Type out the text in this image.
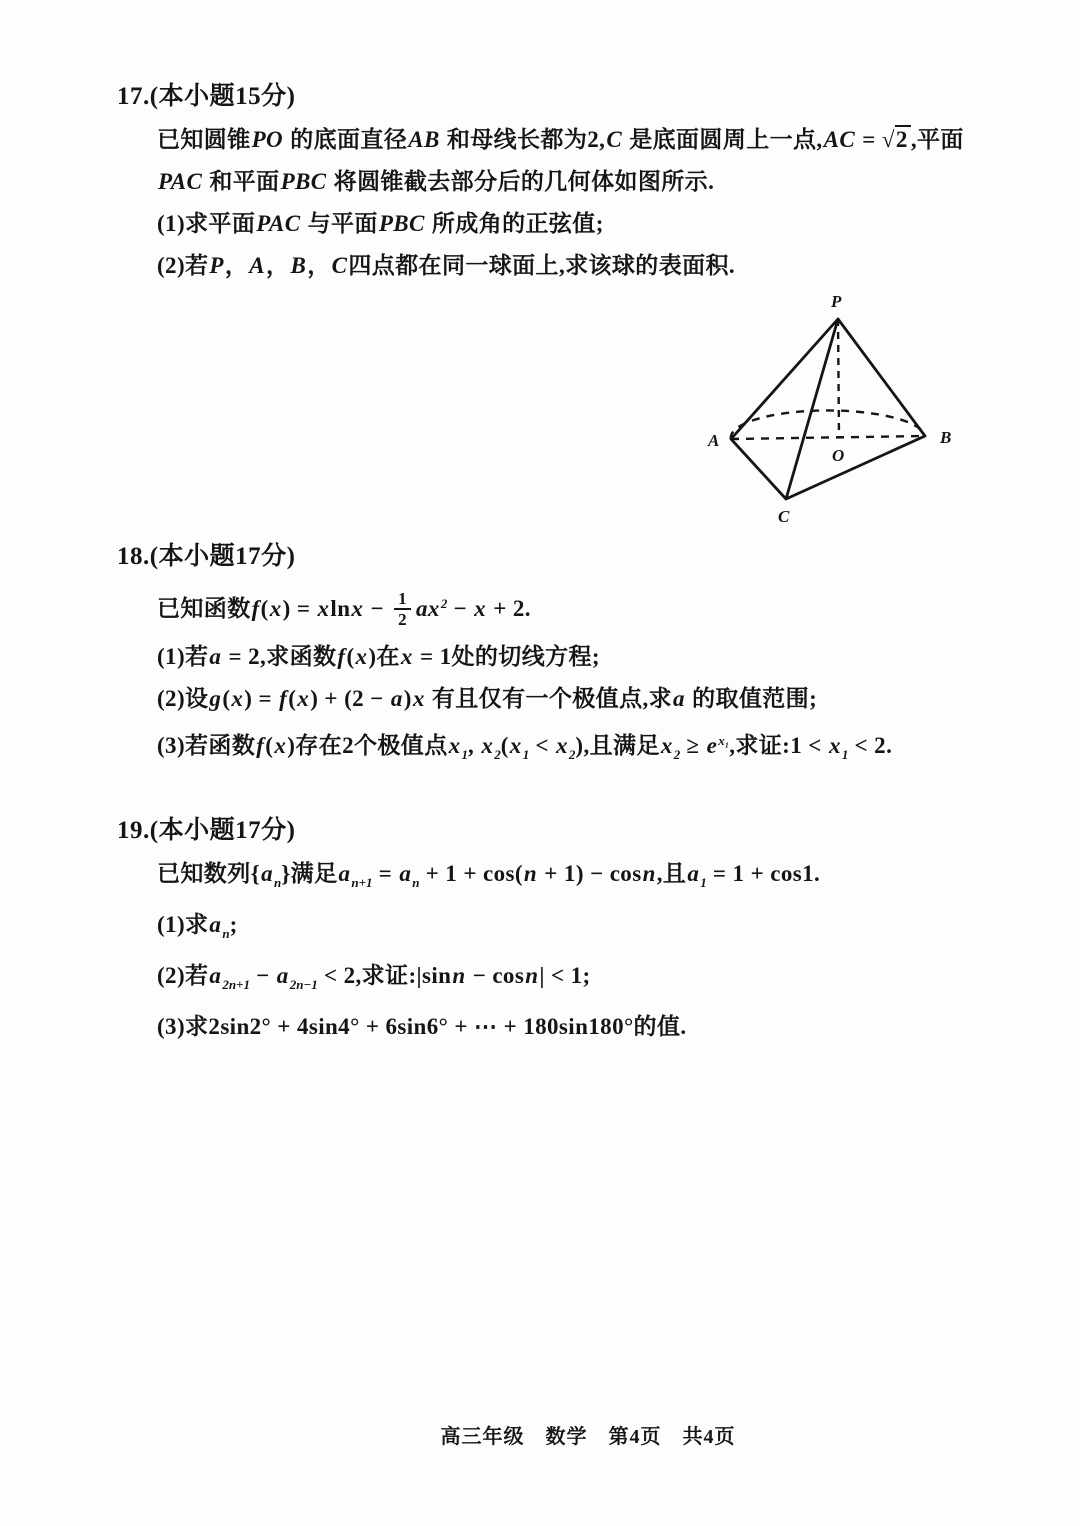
17.(本小题15分)
已知圆锥PO 的底面直径AB 和母线长都为2,C 是底面圆周上一点,AC = √2 ,平面
PAC 和平面PBC 将圆锥截去部分后的几何体如图所示.
(1)求平面PAC 与平面PBC 所成角的正弦值;
(2)若P，A，B，C四点都在同一球面上,求该球的表面积.
P
A	B
O
C
18.(本小题17分)
已知函数$f(x) = xlnx - \frac{1}{2} ax^2 - x + 2$.
(1)若a = 2,求函数f(x)在x = 1处的切线方程;
(2)设g(x) = f(x) + (2 − a)x 有且仅有一个极值点,求a 的取值范围;
(3)若函数f(x)存在2个极值点$x_1$, $x_2(x_1 < x_2)$,且满足$x_2 \ge e^{x_1}$,求证:1 < $x_1 < 2$.
19.(本小题17分)
已知数列$\{a_n\}$满足$a_{n+1} = a_n + 1 + \cos(n + 1) - \cos n$,且$a_1 = 1 + \cos 1$.
(1)求$a_n$;
(2)若$a_{2n+1} - a_{2n-1} < 2$,求证:|sinn − cosn| < 1;
(3)求2sin2° + 4sin4° + 6sin6° + ⋯ + 180sin180°的值.
高三年级　数学　第4页　共4页
